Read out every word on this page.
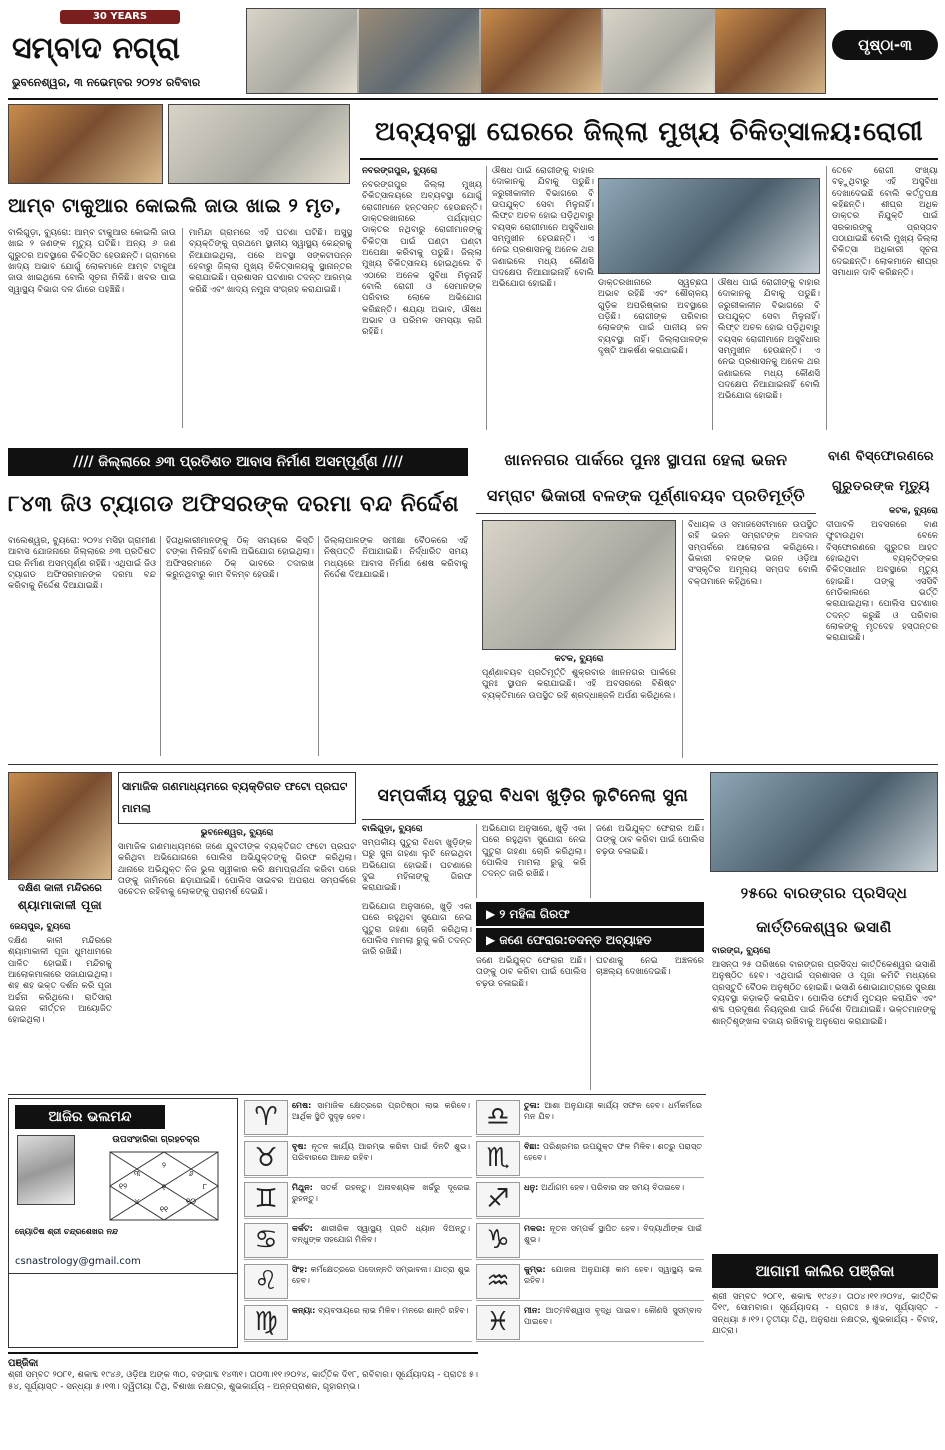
30 YEARS
ସମ୍ବାଦ ନଗ୍ରା
ଭୁବନେଶ୍ୱର, ୩ ନଭେମ୍ବର ୨୦୨୪ ରବିବାର
ପୃଷ୍ଠା-୩
ଆମ୍ବ ଟାକୁଆର କୋଇଲି ଜାଉ ଖାଇ ୨ ମୃତ,
ବାଲିଗୁଡ଼ା, ବ୍ୟୁରୋ: ଆମ୍ବ ଟାକୁଆର କୋଇଲି ଜାଉ ଖାଇ ୨ ଜଣଙ୍କ ମୃତ୍ୟୁ ଘଟିଛି। ଅନ୍ୟ ୬ ଜଣ ଗୁରୁତର ଅବସ୍ଥାରେ ଚିକିତ୍ସିତ ହେଉଛନ୍ତି। ଗ୍ରାମରେ ଖାଦ୍ୟ ଅଭାବ ଯୋଗୁଁ ଲୋକମାନେ ଆମ୍ବ ଟାକୁଆ ଜାଉ ଖାଇଥିଲେ ବୋଲି ସୂଚନା ମିଳିଛି। ଖବର ପାଇ ସ୍ୱାସ୍ଥ୍ୟ ବିଭାଗ ଦଳ ଗାଁରେ ପହଞ୍ଚିଛି।
ମାମିନ୍ଦା ଗ୍ରାମରେ ଏହି ଘଟଣା ଘଟିଛି। ଅସୁସ୍ଥ ବ୍ୟକ୍ତିଙ୍କୁ ପ୍ରଥମେ ସ୍ଥାନୀୟ ସ୍ୱାସ୍ଥ୍ୟ କେନ୍ଦ୍ରକୁ ନିଆଯାଇଥିଲା, ପରେ ଅବସ୍ଥା ସଙ୍କଟାପନ୍ନ ହେବାରୁ ଜିଲ୍ଲା ମୁଖ୍ୟ ଚିକିତ୍ସାଳୟକୁ ସ୍ଥାନାନ୍ତର କରାଯାଇଛି। ପ୍ରଶାସନ ଘଟଣାର ତଦନ୍ତ ଆରମ୍ଭ କରିଛି ଏବଂ ଖାଦ୍ୟ ନମୁନା ସଂଗ୍ରହ କରାଯାଇଛି।
ଅବ୍ୟବସ୍ଥା ଘେରରେ ଜିଲ୍ଲା ମୁଖ୍ୟ ଚିକିତ୍ସାଳୟ:ରୋଗୀ
ନବରଙ୍ଗପୁର, ବ୍ୟୁରୋ
ନବରଙ୍ଗପୁର ଜିଲ୍ଲା ମୁଖ୍ୟ ଚିକିତ୍ସାଳୟରେ ଅବ୍ୟବସ୍ଥା ଯୋଗୁଁ ରୋଗୀମାନେ ହନ୍ତସନ୍ତ ହେଉଛନ୍ତି। ଡାକ୍ତରଖାନାରେ ପର୍ଯ୍ୟାପ୍ତ ଡାକ୍ତର ନଥିବାରୁ ରୋଗୀମାନଙ୍କୁ ଚିକିତ୍ସା ପାଇଁ ଘଣ୍ଟା ଘଣ୍ଟା ଅପେକ୍ଷା କରିବାକୁ ପଡୁଛି। ଜିଲ୍ଲା ମୁଖ୍ୟ ଚିକିତ୍ସାଳୟ ହୋଇଥିଲେ ବି ଏଠାରେ ଅନେକ ସୁବିଧା ମିଳୁନାହିଁ ବୋଲି ରୋଗୀ ଓ ସେମାନଙ୍କ ପରିବାର ଲୋକେ ଅଭିଯୋଗ କରିଛନ୍ତି। ଶଯ୍ୟା ଅଭାବ, ଔଷଧ ଅଭାବ ଓ ପରିମଳ ସମସ୍ୟା ଲାଗି ରହିଛି।
ଔଷଧ ପାଇଁ ରୋଗୀଙ୍କୁ ବାହାର ଦୋକାନକୁ ଯିବାକୁ ପଡୁଛି। ଜରୁରୀକାଳୀନ ବିଭାଗରେ ବି ଉପଯୁକ୍ତ ସେବା ମିଳୁନାହିଁ। ଲିଫ୍ଟ ଅଚଳ ହୋଇ ପଡ଼ିଥିବାରୁ ବୟସ୍କ ରୋଗୀମାନେ ଅସୁବିଧାର ସମ୍ମୁଖୀନ ହେଉଛନ୍ତି। ଏ ନେଇ ପ୍ରଶାସନକୁ ଅନେକ ଥର ଜଣାଇଲେ ମଧ୍ୟ କୌଣସି ପଦକ୍ଷେପ ନିଆଯାଇନାହିଁ ବୋଲି ଅଭିଯୋଗ ହୋଇଛି।	ଡାକ୍ତରଖାନାରେ ସ୍ୱଚ୍ଛତା ଅଭାବ ରହିଛି ଏବଂ ଶୌଚାଳୟ ଗୁଡ଼ିକ ଅପରିଷ୍କାର ଅବସ୍ଥାରେ ପଡ଼ିଛି। ରୋଗୀଙ୍କ ପରିବାର ଲୋକଙ୍କ ପାଇଁ ପାନୀୟ ଜଳ ବ୍ୟବସ୍ଥା ନାହିଁ। ଜିଲ୍ଲାପାଳଙ୍କ ଦୃଷ୍ଟି ଆକର୍ଷଣ କରାଯାଇଛି।
ଔଷଧ ପାଇଁ ରୋଗୀଙ୍କୁ ବାହାର ଦୋକାନକୁ ଯିବାକୁ ପଡୁଛି। ଜରୁରୀକାଳୀନ ବିଭାଗରେ ବି ଉପଯୁକ୍ତ ସେବା ମିଳୁନାହିଁ। ଲିଫ୍ଟ ଅଚଳ ହୋଇ ପଡ଼ିଥିବାରୁ ବୟସ୍କ ରୋଗୀମାନେ ଅସୁବିଧାର ସମ୍ମୁଖୀନ ହେଉଛନ୍ତି। ଏ ନେଇ ପ୍ରଶାସନକୁ ଅନେକ ଥର ଜଣାଇଲେ ମଧ୍ୟ କୌଣସି ପଦକ୍ଷେପ ନିଆଯାଇନାହିଁ ବୋଲି ଅଭିଯୋଗ ହୋଇଛି।
ତେବେ ରୋଗୀ ସଂଖ୍ୟା ବଢ଼ୁଥିବାରୁ ଏହି ଅସୁବିଧା ଦେଖାଦେଇଛି ବୋଲି କର୍ତ୍ତୃପକ୍ଷ କହିଛନ୍ତି। ଶୀଘ୍ର ଅଧିକ ଡାକ୍ତର ନିଯୁକ୍ତି ପାଇଁ ସରକାରଙ୍କୁ ପ୍ରସ୍ତାବ ପଠାଯାଇଛି ବୋଲି ମୁଖ୍ୟ ଜିଲ୍ଲା ଚିକିତ୍ସା ଅଧିକାରୀ ସୂଚନା ଦେଇଛନ୍ତି। ଲୋକମାନେ ଶୀଘ୍ର ସମାଧାନ ଦାବି କରିଛନ୍ତି।
//// ଜିଲ୍ଲାରେ ୬୩ ପ୍ରତିଶତ ଆବାସ ନିର୍ମାଣ ଅସମ୍ପୂର୍ଣ୍ଣ ////
୮୪୩ ଜିଓ ଟ୍ୟାଗଡ ଅଫିସରଙ୍କ ଦରମା ବନ୍ଦ ନିର୍ଦ୍ଦେଶ
ବାଲେଶ୍ୱର, ବ୍ୟୁରୋ: ୨୦୨୪ ମସିହା ଗ୍ରାମୀଣ ଆବାସ ଯୋଜନାରେ ଜିଲ୍ଲାରେ ୬୩ ପ୍ରତିଶତ ଘର ନିର୍ମାଣ ଅସମ୍ପୂର୍ଣ୍ଣ ରହିଛି। ଏଥିପାଇଁ ଜିଓ ଟ୍ୟାଗଡ ଅଫିସରମାନଙ୍କ ଦରମା ବନ୍ଦ କରିବାକୁ ନିର୍ଦ୍ଦେଶ ଦିଆଯାଇଛି।
ହିତାଧିକାରୀମାନଙ୍କୁ ଠିକ୍ ସମୟରେ କିସ୍ତି ଟଙ୍କା ମିଳିନାହିଁ ବୋଲି ଅଭିଯୋଗ ହୋଇଥିଲା। ଅଫିସରମାନେ ଠିକ୍ ଭାବରେ ତଦାରଖ କରୁନଥିବାରୁ କାମ ବିଳମ୍ବ ହେଉଛି।
ଜିଲ୍ଲାପାଳଙ୍କ ସମୀକ୍ଷା ବୈଠକରେ ଏହି ନିଷ୍ପତ୍ତି ନିଆଯାଇଛି। ନିର୍ଦ୍ଧାରିତ ସମୟ ମଧ୍ୟରେ ଆବାସ ନିର୍ମାଣ ଶେଷ କରିବାକୁ ନିର୍ଦ୍ଦେଶ ଦିଆଯାଇଛି।
ଖାନନଗର ପାର୍କରେ ପୁନଃ ସ୍ଥାପନା ହେଲା ଭଜନ
ସମ୍ରାଟ ଭିକାରୀ ବଳଙ୍କ ପୂର୍ଣ୍ଣାବୟବ ପ୍ରତିମୂର୍ତ୍ତି
କଟକ, ବ୍ୟୁରୋ
ପୂର୍ଣ୍ଣାବୟବ ପ୍ରତିମୂର୍ତ୍ତି ଶୁକ୍ରବାର ଖାନନଗର ପାର୍କରେ ପୁନଃ ସ୍ଥାପନ କରାଯାଇଛି। ଏହି ଅବସରରେ ବିଶିଷ୍ଟ ବ୍ୟକ୍ତିମାନେ ଉପସ୍ଥିତ ରହି ଶ୍ରଦ୍ଧାଞ୍ଜଳି ଅର୍ପଣ କରିଥିଲେ।
ବିଧାୟକ ଓ ସମାଜସେବୀମାନେ ଉପସ୍ଥିତ ରହି ଭଜନ ସମ୍ରାଟଙ୍କ ଅବଦାନ ସମ୍ପର୍କରେ ଆଲୋଚନା କରିଥିଲେ। ଭିକାରୀ ବଳଙ୍କ ଭଜନ ଓଡ଼ିଆ ସଂସ୍କୃତିର ଅମୂଲ୍ୟ ସମ୍ପଦ ବୋଲି ବକ୍ତାମାନେ କହିଥିଲେ।
ବାଣ ବିସ୍ଫୋରଣରେ
ଗୁରୁତରଙ୍କ ମୃତ୍ୟୁ
କଟକ, ବ୍ୟୁରୋ
ଦୀପାବଳି ଅବସରରେ ବାଣ ଫୁଟାଉଥିବା ବେଳେ ବିସ୍ଫୋରଣରେ ଗୁରୁତର ଆହତ ହୋଇଥିବା ବ୍ୟକ୍ତିଙ୍କର ଚିକିତ୍ସାଧୀନ ଅବସ୍ଥାରେ ମୃତ୍ୟୁ ହୋଇଛି। ତାଙ୍କୁ ଏସସିବି ମେଡିକାଲରେ ଭର୍ତ୍ତି କରାଯାଇଥିଲା। ପୋଲିସ ଘଟଣାର ତଦନ୍ତ କରୁଛି ଓ ପରିବାର ଲୋକଙ୍କୁ ମୃତଦେହ ହସ୍ତାନ୍ତର କରାଯାଇଛି।
ଦକ୍ଷିଣ କାଳୀ ମନ୍ଦିରରେ
ଶ୍ୟାମାକାଳୀ ପୂଜା
ଜେୟପୁର, ବ୍ୟୁରୋ
ଦକ୍ଷିଣ କାଳୀ ମନ୍ଦିରରେ ଶ୍ୟାମାକାଳୀ ପୂଜା ଧୁମଧାମରେ ପାଳିତ ହୋଇଛି। ମନ୍ଦିରକୁ ଆଲୋକମାଳାରେ ସଜାଯାଇଥିଲା। ଶହ ଶହ ଭକ୍ତ ଦର୍ଶନ କରି ପୂଜା ଅର୍ଚ୍ଚନା କରିଥିଲେ। ରାତିସାରା ଭଜନ କୀର୍ତ୍ତନ ଆୟୋଜିତ ହୋଇଥିଲା।
ସାମାଜିକ ଗଣମାଧ୍ୟମରେ ବ୍ୟକ୍ତିଗତ ଫଟୋ ପ୍ରଘଟ ମାମଲା
ଭୁବନେଶ୍ୱର, ବ୍ୟୁରୋ
ସାମାଜିକ ଗଣମାଧ୍ୟମରେ ଜଣେ ଯୁବତୀଙ୍କ ବ୍ୟକ୍ତିଗତ ଫଟୋ ପ୍ରଘଟ କରିଥିବା ଅଭିଯୋଗରେ ପୋଲିସ ଅଭିଯୁକ୍ତଙ୍କୁ ଗିରଫ କରିଥିଲା। ଥାନାରେ ଅଭିଯୁକ୍ତ ନିଜ ଭୁଲ ସ୍ୱୀକାର କରି କ୍ଷମାପ୍ରାର୍ଥନା କରିବା ପରେ ତାଙ୍କୁ ଜାମିନରେ ଛଡ଼ାଯାଇଛି। ପୋଲିସ ସାଇବର ଅପରାଧ ସମ୍ପର୍କରେ ସଚେତନ ରହିବାକୁ ଲୋକଙ୍କୁ ପରାମର୍ଶ ଦେଇଛି।
ସମ୍ପର୍କୀୟ ପୁତୁରା ବିଧବା ଖୁଡ଼ିର ଲୁଟିନେଲା ସୁନା
ବାଲିଗୁଡ଼ା, ବ୍ୟୁରୋ
ସମ୍ପର୍କୀୟ ପୁତୁରା ବିଧବା ଖୁଡ଼ିଙ୍କ ଘରୁ ସୁନା ଗହଣା ଲୁଟି ନେଇଥିବା ଅଭିଯୋଗ ହୋଇଛି। ଘଟଣାରେ ଦୁଇ ମହିଳାଙ୍କୁ ଗିରଫ କରାଯାଇଛି।
ଅଭିଯୋଗ ଅନୁସାରେ, ଖୁଡ଼ି ଏକା ଘରେ ରହୁଥିବା ସୁଯୋଗ ନେଇ ପୁତୁରା ଗହଣା ଚୋରି କରିଥିଲା। ପୋଲିସ ମାମଲା ରୁଜୁ କରି ତଦନ୍ତ ଜାରି ରଖିଛି।
ଜଣେ ଅଭିଯୁକ୍ତ ଫେରାର ଅଛି। ତାଙ୍କୁ ଠାବ କରିବା ପାଇଁ ପୋଲିସ ଚଢ଼ଉ ଚଳାଇଛି।
▶ ୨ ମହିଳା ଗିରଫ
▶ ଜଣେ ଫେରାର:ତଦନ୍ତ ଅବ୍ୟାହତ
ଅଭିଯୋଗ ଅନୁସାରେ, ଖୁଡ଼ି ଏକା ଘରେ ରହୁଥିବା ସୁଯୋଗ ନେଇ ପୁତୁରା ଗହଣା ଚୋରି କରିଥିଲା। ପୋଲିସ ମାମଲା ରୁଜୁ କରି ତଦନ୍ତ ଜାରି ରଖିଛି।
ଜଣେ ଅଭିଯୁକ୍ତ ଫେରାର ଅଛି। ତାଙ୍କୁ ଠାବ କରିବା ପାଇଁ ପୋଲିସ ଚଢ଼ଉ ଚଳାଇଛି।
ଘଟଣାକୁ ନେଇ ଅଞ୍ଚଳରେ ଚାଞ୍ଚଲ୍ୟ ଦେଖାଦେଇଛି।
୨୫ରେ ବାରଙ୍ଗର ପ୍ରସିଦ୍ଧ
କାର୍ତ୍ତିକେଶ୍ୱର ଭସାଣି
ବାରଙ୍ଗ, ବ୍ୟୁରୋ
ଆସନ୍ତା ୨୫ ତାରିଖରେ ବାରଙ୍ଗର ପ୍ରସିଦ୍ଧ କାର୍ତ୍ତିକେଶ୍ୱର ଭସାଣି ଅନୁଷ୍ଠିତ ହେବ। ଏଥିପାଇଁ ପ୍ରଶାସନ ଓ ପୂଜା କମିଟି ମଧ୍ୟରେ ପ୍ରସ୍ତୁତି ବୈଠକ ଅନୁଷ୍ଠିତ ହୋଇଛି। ଭସାଣି ଶୋଭାଯାତ୍ରାରେ ସୁରକ୍ଷା ବ୍ୟବସ୍ଥା କଡ଼ାକଡ଼ି କରାଯିବ। ପୋଲିସ ଫୋର୍ସ ମୁତୟନ କରାଯିବ ଏବଂ ଶବ୍ଦ ପ୍ରଦୂଷଣ ନିୟନ୍ତ୍ରଣ ପାଇଁ ନିର୍ଦ୍ଦେଶ ଦିଆଯାଇଛି। ଭକ୍ତମାନଙ୍କୁ ଶାନ୍ତିଶୃଙ୍ଖଳା ବଜାୟ ରଖିବାକୁ ଅନୁରୋଧ କରାଯାଇଛି।
ଆଜିର ଭଲମନ୍ଦ
ଉପସଂହାରିକା ଗ୍ରହଚକ୍ର
୨
୬
୮
୧୦
୧୧
୪
୧୨
୩
୧
ଜ୍ୟୋତିଷ ଶ୍ରୀ ଚନ୍ଦ୍ରଶେଖର ନନ୍ଦ
csnastrology@gmail.com
♈	ମେଷ: ସାମାଜିକ କ୍ଷେତ୍ରରେ ପ୍ରତିଷ୍ଠା ଲାଭ କରିବେ। ଆର୍ଥିକ ସ୍ଥିତି ସୁଦୃଢ଼ ହେବ।
♉	ବୃଷ: ନୂତନ କାର୍ଯ୍ୟ ଆରମ୍ଭ କରିବା ପାଇଁ ଦିନଟି ଶୁଭ। ପରିବାରରେ ଆନନ୍ଦ ରହିବ।
♊	ମିଥୁନ: ସତର୍କ ରହନ୍ତୁ। ଅନାବଶ୍ୟକ ଖର୍ଚ୍ଚରୁ ଦୂରେଇ ରୁହନ୍ତୁ।
♋	କର୍କଟ: ଶାରୀରିକ ସ୍ୱାସ୍ଥ୍ୟ ପ୍ରତି ଧ୍ୟାନ ଦିଅନ୍ତୁ। ବନ୍ଧୁଙ୍କ ସହଯୋଗ ମିଳିବ।
♌	ସିଂହ: କର୍ମକ୍ଷେତ୍ରରେ ପଦୋନ୍ନତି ସମ୍ଭାବନା। ଯାତ୍ରା ଶୁଭ ହେବ।
♍	କନ୍ୟା: ବ୍ୟବସାୟରେ ଲାଭ ମିଳିବ। ମନରେ ଶାନ୍ତି ରହିବ।
♎	ତୁଳା: ଆଶା ଅନୁଯାୟୀ କାର୍ଯ୍ୟ ସଫଳ ହେବ। ଧର୍ମକର୍ମରେ ମନ ଯିବ।
♏	ବିଛା: ପରିଶ୍ରମର ଉପଯୁକ୍ତ ଫଳ ମିଳିବ। ଶତ୍ରୁ ପରାସ୍ତ ହେବେ।
♐	ଧନୁ: ଅର୍ଥାଗମ ହେବ। ପରିବାର ସହ ସମୟ ବିତାଇବେ।
♑	ମକର: ନୂତନ ସମ୍ପର୍କ ସ୍ଥାପିତ ହେବ। ବିଦ୍ୟାର୍ଥୀଙ୍କ ପାଇଁ ଶୁଭ।
♒	କୁମ୍ଭ: ଯୋଜନା ଅନୁଯାୟୀ କାମ ହେବ। ସ୍ୱାସ୍ଥ୍ୟ ଭଲ ରହିବ।
♓	ମୀନ: ଆତ୍ମବିଶ୍ୱାସ ବୃଦ୍ଧି ପାଇବ। କୌଣସି ସୁସମ୍ବାଦ ପାଇବେ।
ପଞ୍ଜିକା
ଶ୍ରୀ ସମ୍ବତ ୨୦୮୧, ଶକାବ୍ଦ ୧୯୪୬, ଓଡ଼ିଆ ଅଙ୍କ ୩୦, ବଙ୍ଗାବ୍ଦ ୧୪୩୧। ତା୦୩।୧୧।୨୦୨୪, କାର୍ତ୍ତିକ ଦି୧୮, ରବିବାର। ସୂର୍ଯ୍ୟୋଦୟ - ପ୍ରାତଃ ୫।୫୪, ସୂର୍ଯ୍ୟାସ୍ତ - ସନ୍ଧ୍ୟା ୫।୧୩। ଦ୍ୱିତୀୟା ତିଥି, ବିଶାଖା ନକ୍ଷତ୍ର, ଶୁଭକାର୍ଯ୍ୟ - ଅନ୍ନପ୍ରାଶନ, ଗୃହାରମ୍ଭ।
ଆଗାମୀ କାଲିର ପଞ୍ଜିକା
ଶ୍ରୀ ସମ୍ବତ ୨୦୮୧, ଶକାବ୍ଦ ୧୯୪୬। ତା୦୪।୧୧।୨୦୨୪, କାର୍ତ୍ତିକ ଦି୧୯, ସୋମବାର। ସୂର୍ଯ୍ୟୋଦୟ - ପ୍ରାତଃ ୫।୫୪, ସୂର୍ଯ୍ୟାସ୍ତ - ସନ୍ଧ୍ୟା ୫।୧୨। ତୃତୀୟା ତିଥି, ଅନୁରାଧା ନକ୍ଷତ୍ର, ଶୁଭକାର୍ଯ୍ୟ - ବିବାହ, ଯାତ୍ରା।
